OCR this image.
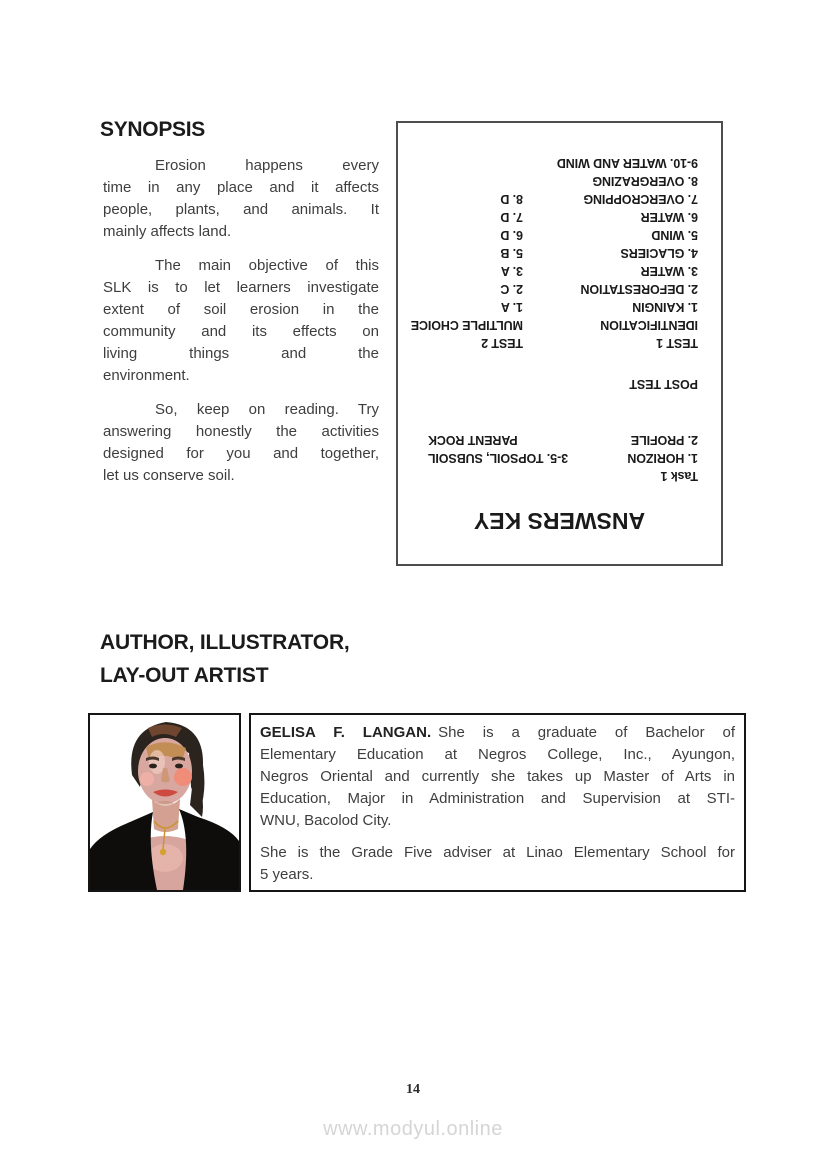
SYNOPSIS
Erosion happens every
time in any place and it affects
people, plants, and animals. It
mainly affects land.
The main objective of this
SLK is to let learners investigate
extent of soil erosion in the
community and its effects on
living things and the
environment.
So, keep on reading. Try
answering honestly the activities
designed for you and together,
let us conserve soil.
ANSWERS KEY
Task 1
1. HORIZON
3-5. TOPSOIL, SUBSOIL
2. PROFILE
PARENT ROCK
POST TEST
TEST 1
TEST 2
IDENTIFICATION
MULTIPLE CHOICE
1. KAINGIN
1. A
2. DEFORESTATION
2. C
3. WATER
3. A
4. GLACIERS
5. B
5. WIND
6. D
6. WATER
7. D
7. OVERCROPPING
8. D
8. OVERGRAZING
9-10. WATER AND WIND
AUTHOR, ILLUSTRATOR,
LAY-OUT ARTIST
GELISA F. LANGAN. She is a graduate of Bachelor of
Elementary Education at Negros College, Inc., Ayungon,
Negros Oriental and currently she takes up Master of Arts in
Education, Major in Administration and Supervision at STI-
WNU, Bacolod City.
She is the Grade Five adviser at Linao Elementary School for
5 years.
14
www.modyul.online
